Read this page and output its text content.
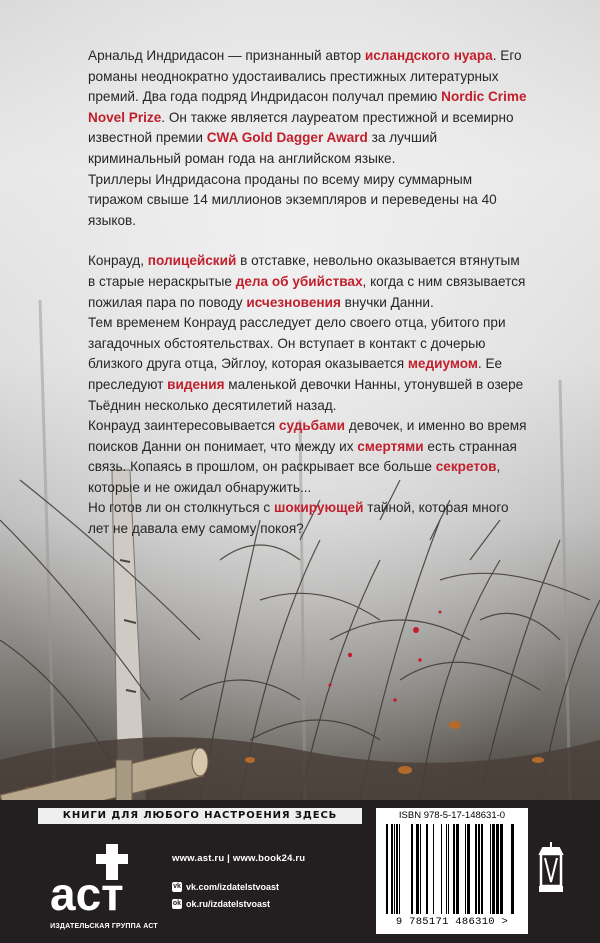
Арнальд Индридасон — признанный автор исландского нуара. Его романы неоднократно удостаивались престижных литературных премий. Два года подряд Индридасон получал премию Nordic Crime Novel Prize. Он также является лауреатом престижной и всемирно известной премии CWA Gold Dagger Award за лучший криминальный роман года на английском языке.

Триллеры Индридасона проданы по всему миру суммарным тиражом свыше 14 миллионов экземпляров и переведены на 40 языков.

Конрауд, полицейский в отставке, невольно оказывается втянутым в старые нераскрытые дела об убийствах, когда с ним связывается пожилая пара по поводу исчезновения внучки Данни.

Тем временем Конрауд расследует дело своего отца, убитого при загадочных обстоятельствах. Он вступает в контакт с дочерью близкого друга отца, Эйглоу, которая оказывается медиумом. Ее преследуют видения маленькой девочки Нанны, утонувшей в озере Тьёднин несколько десятилетий назад.

Конрауд заинтересовывается судьбами девочек, и именно во время поисков Данни он понимает, что между их смертями есть странная связь. Копаясь в прошлом, он раскрывает все больше секретов, которые и не ожидал обнаружить...

Но готов ли он столкнуться с шокирующей тайной, которая много лет не давала ему самому покоя?

КНИГИ ДЛЯ ЛЮБОГО НАСТРОЕНИЯ ЗДЕСЬ
аст
ИЗДАТЕЛЬСКАЯ ГРУППА АСТ
www.ast.ru | www.book24.ru
vk vk.com/izdatelstvoast
ok ok.ru/izdatelstvoast
ISBN 978-5-17-148631-0
9 785171 486310 >
